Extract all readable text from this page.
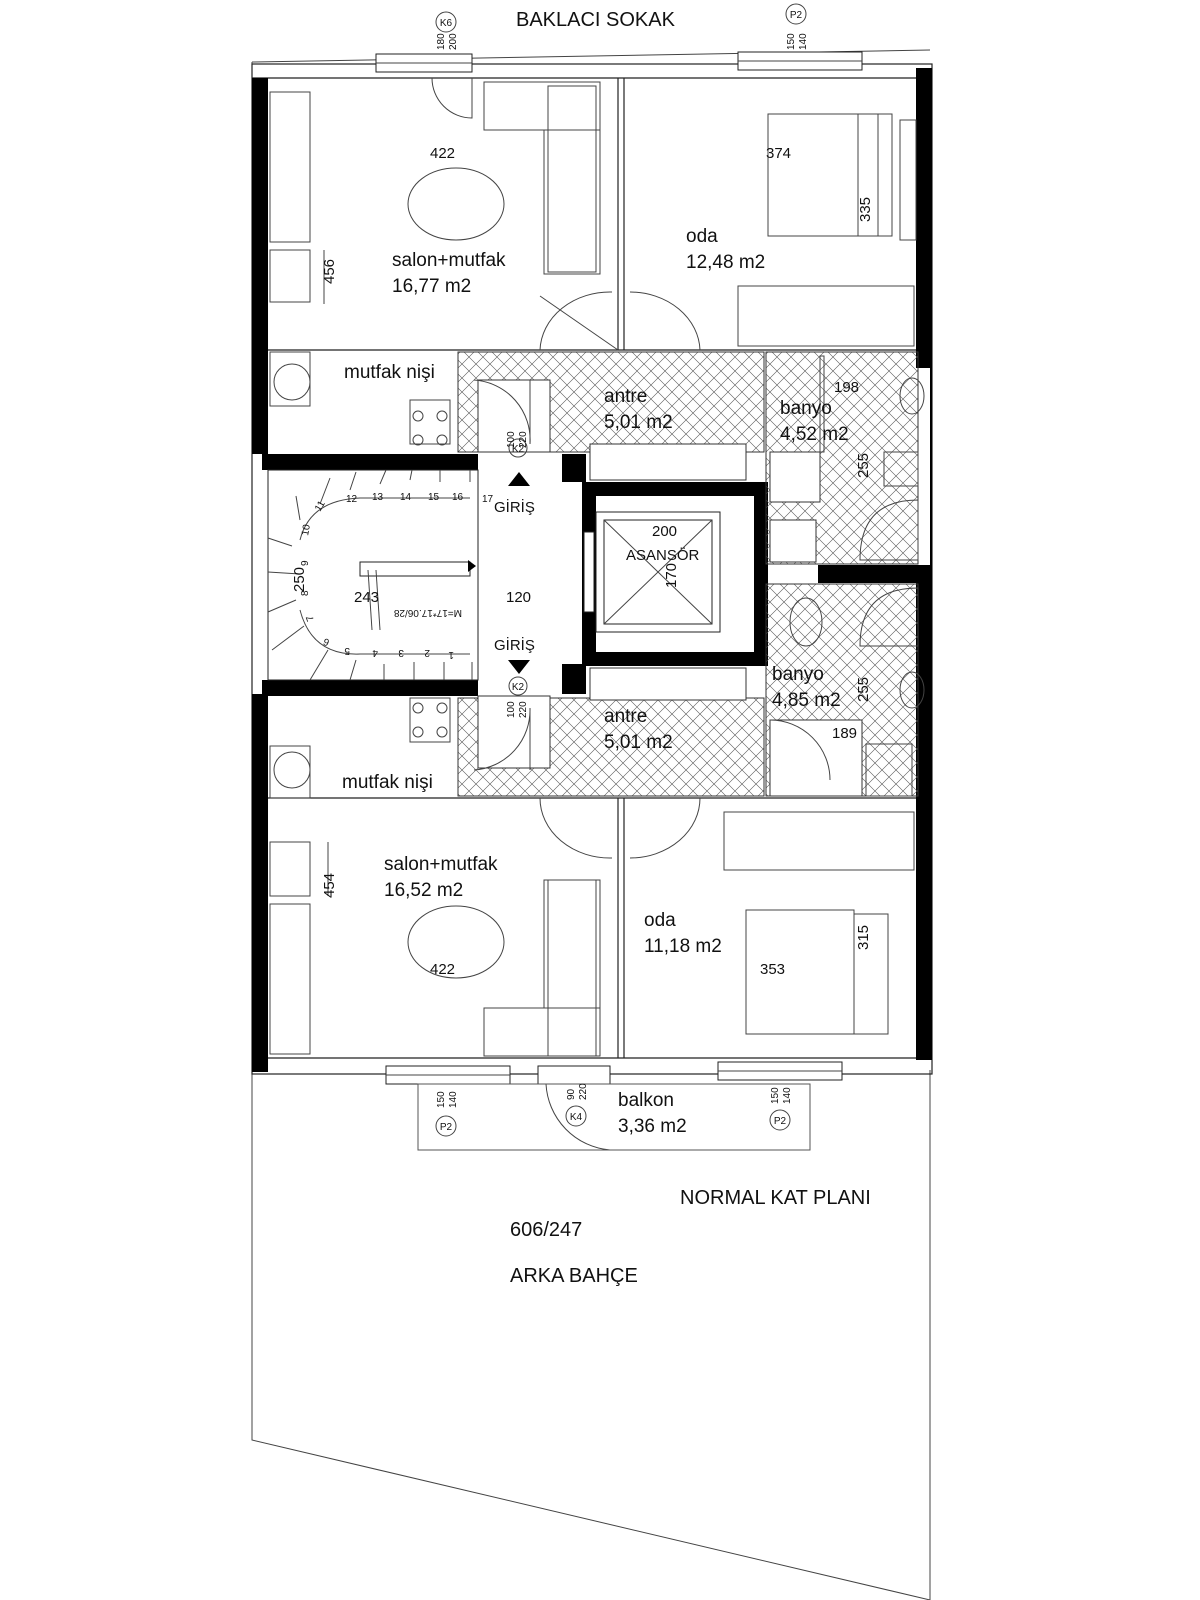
BAKLACI SOKAK
K6
180 200
P2
150 140
422
salon+mutfak
16,77 m2
456
mutfak nişi
374
335
oda
12,48 m2
antre
5,01 m2
100 220
198
banyo
4,52 m2
255
K2
GİRİŞ
250
243
M=17*17.06/28
120
200
ASANSÖR
170
GİRİŞ
K2
1
2
3
4
5
6
7
8
9
10
11 12 13 14 15 16 17
banyo
4,85 m2 255
189
antre
5,01 m2
100 220
mutfak nişi
salon+mutfak
16,52 m2
454
422
oda
11,18 m2
353
315
150 140
P2
90 220
K4
150 140
P2
balkon
3,36 m2
NORMAL KAT PLANI
606/247
ARKA BAHÇE
